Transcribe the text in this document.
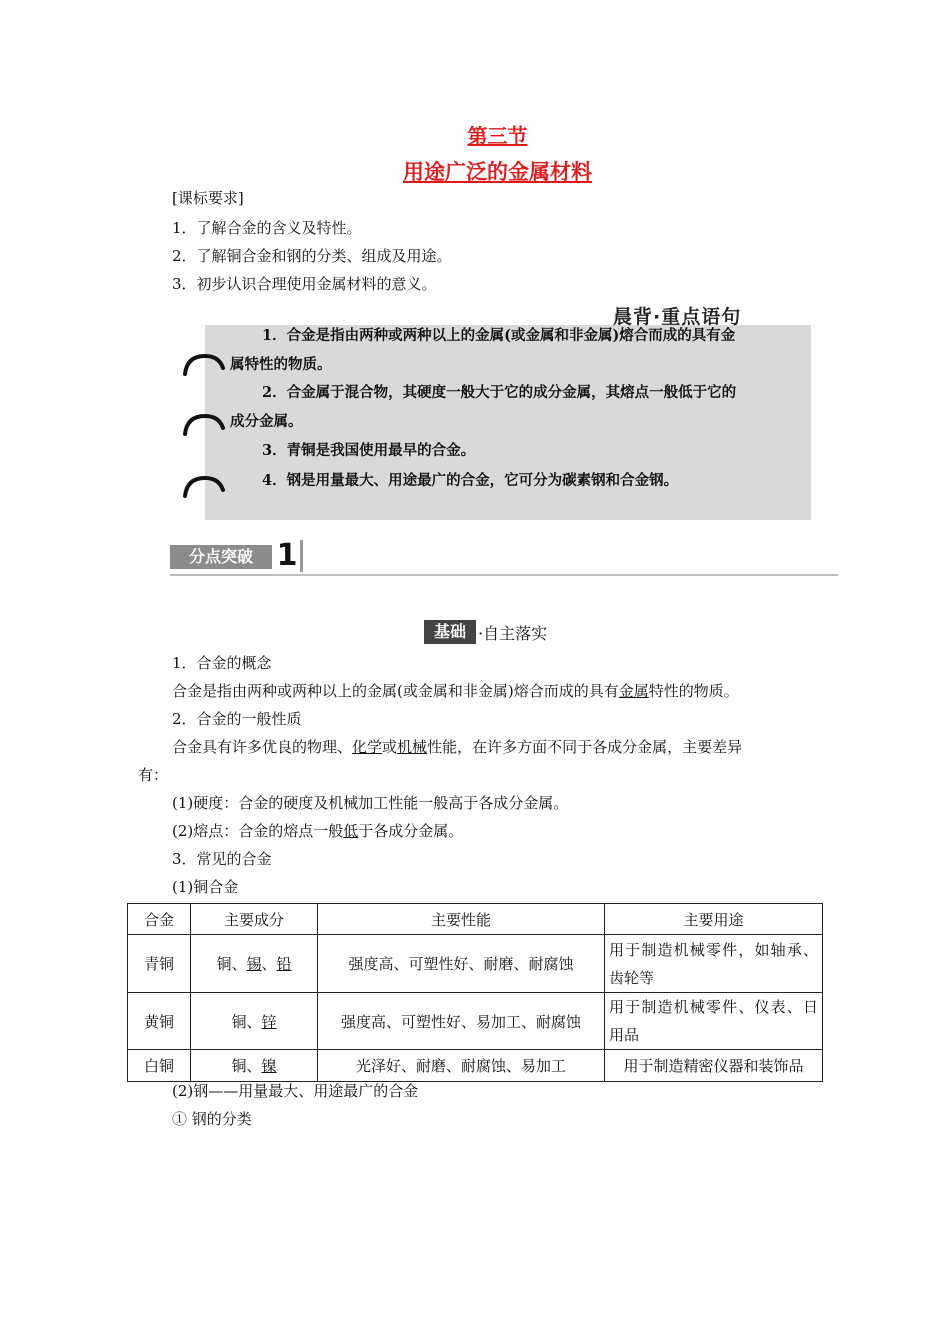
第三节
用途广泛的金属材料
[课标要求]
1．了解合金的含义及特性。
2．了解铜合金和钢的分类、组成及用途。
3．初步认识合理使用金属材料的意义。
晨背·重点语句
1．合金是指由两种或两种以上的金属(或金属和非金属)熔合而成的具有金
属特性的物质。
2．合金属于混合物，其硬度一般大于它的成分金属，其熔点一般低于它的
成分金属。
3．青铜是我国使用最早的合金。
4．钢是用量最大、用途最广的合金，它可分为碳素钢和合金钢。
分点突破 1
基础 ·自主落实
1．合金的概念
合金是指由两种或两种以上的金属(或金属和非金属)熔合而成的具有金属特性的物质。
2．合金的一般性质
合金具有许多优良的物理、化学或机械性能，在许多方面不同于各成分金属，主要差异
有：
(1)硬度：合金的硬度及机械加工性能一般高于各成分金属。
(2)熔点：合金的熔点一般低于各成分金属。
3．常见的合金
(1)铜合金
合金	主要成分	主要性能	主要用途
青铜	铜、锡、铅	强度高、可塑性好、耐磨、耐腐蚀	用于制造机械零件，如轴承、齿轮等
黄铜	铜、锌	强度高、可塑性好、易加工、耐腐蚀	用于制造机械零件、仪表、日用品
白铜	铜、镍	光泽好、耐磨、耐腐蚀、易加工	用于制造精密仪器和装饰品
(2)钢——用量最大、用途最广的合金
① 钢的分类
